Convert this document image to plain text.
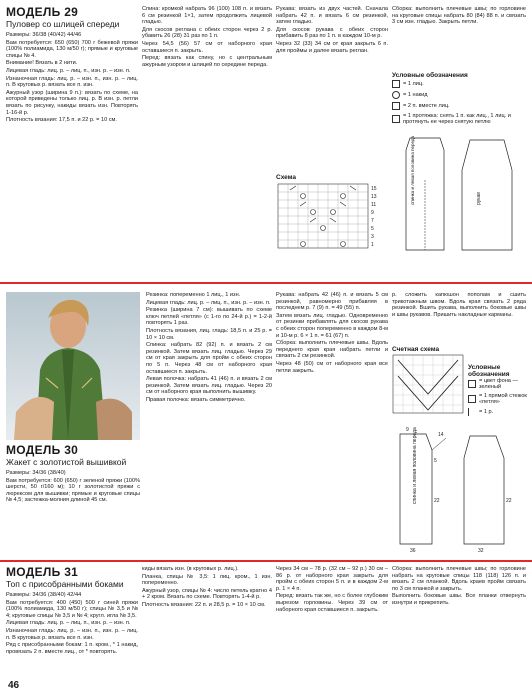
МОДЕЛЬ 29
Пуловер со шлицей спереди

Размеры: 36/38 (40/42) 44/46

Вам потребуется: 650 (650) 700 г бежевой пряжи (100% полиамида, 130 м/50 г); прямые и круговые спицы № 4.

Внимание! Вязать в 2 нити.

Лицевая гладь: лиц. р. – лиц. п., изн. р. – изн. п.

Изнаночная гладь: лиц. р. – изн. п., изн. р. – лиц. п. В круговых р. вязать все п. изн.

Ажурный узор (ширина 9 п.): вязать по схеме, на которой приведены только лиц. р. В изн. р. петли вязать по рисунку, накиды вязать изн. Повторять 1-16-й р.

Плотность вязания: 17,5 п. и 22 р. = 10 см.

Спина: кромкой набрать 96 (100) 108 п. и вязать 6 см резинкой 1×1, затем продолжить лицевой гладью.

Для скосов реглана с обеих сторон через 2 р. убавить 26 (28) 31 раз по 1 п.

Через 54,5 (56) 57 см от наборного края оставшиеся п. закрыть.

Перед: вязать как спину, но с центральным ажурным узором и шлицей по середине переда.

Рукава: вязать из двух частей. Сначала набрать 42 п. и вязать 6 см резинкой, затем гладью.

Для скосов рукава с обеих сторон прибавить 8 раз по 1 п. в каждом 10-м р.

Через 32 (33) 34 см от края закрыть 6 п. для проймы и далее вязать реглан.

Схема
15
13
11
9
7
5
3
1

Сборка: выполнить плечевые швы; по горловине на круговые спицы набрать 80 (84) 88 п. и связать 3 см изн. гладью. Закрыть петли.

Условные обозначения
= 1 лиц.
= 1 накид
= 2 п. вместе лиц.
= 1 протяжка: снять 1 п. как лиц., 1 лиц. и протянуть ее через снятую петлю
спинка и левая половина переда	рукав
МОДЕЛЬ 30
Жакет с золотистой вышивкой

Размеры: 34/36 (38/40)

Вам потребуется: 600 (650) г зеленой пряжи (100% шерсти, 50 г/160 м); 10 г золотистой пряжи с люрексом для вышивки; прямые и круговые спицы № 4,5; застежка-молния длиной 45 см.

Резинка: попеременно 1 лиц., 1 изн.

Лицевая гладь: лиц. р. – лиц. п., изн. р. – изн. п.

Резинка (ширина 7 см): вышивать по схеме ключ петлей «петля» (с 1-го по 24-й р.) = 1-2-й повторять 1 раз.

Плотность вязания, лиц. гладь: 18,5 п. и 25 р. = 10 × 10 см.

Спинка: набрать 82 (92) п. и вязать 2 см резинкой. Затем вязать лиц. гладью. Через 29 см от края закрыть для пройм с обеих сторон по 5 п. Через 48 см от наборного края оставшиеся п. закрыть.

Левая полочка: набрать 41 (46) п. и вязать 2 см резинкой. Затем вязать лиц. гладью. Через 20 см от наборного края выполнить вышивку.

Правая полочка: вязать симметрично.

Рукава: набрать 42 (46) п. и вязать 5 см резинкой, равномерно прибавляя в последнем р. 7 (9) п. = 49 (55) п.

Затем вязать лиц. гладью. Одновременно от резинки прибавлять для скосов рукава с обеих сторон попеременно в каждом 8-м и 10-м р. 6 × 1 п. = 61 (67) п.

Сборка: выполнить плечевые швы. Вдоль переднего края края набрать петли и связать 2 см резинкой.

Через 48 (50) см от наборного края все петли закрыть.

р. сложить капюшон пополам и сшить трикотажным швом. Вдоль края связать 2 ряда резинкой. Вшить рукава, выполнить боковые швы и швы рукавов. Пришить накладные карманы.

Счетная схема
Условные обозначения
= цвет фона — зеленый
= 1 прямой стежок «петля»
= 1 р.
спинка и левая половина переда
9
14
5
22	22
36	32
МОДЕЛЬ 31
Топ с присобранными боками

Размеры: 34/36 (38/40) 42/44

Вам потребуется: 400 (450) 500 г синей пряжи (100% полиамида, 130 м/50 г); спицы № 3,5 и № 4; круговые спицы № 3,5 и № 4; кругл. игла № 3,5.

Лицевая гладь: лиц. р. – лиц. п., изн. р. – изн. п.

Изнаночная гладь: лиц. р. – изн. п., изн. р. – лиц. п. В круговых р. вязать все п. изн.

Ряд с присобранными бокам: 1 п. кром., * 1 накид, провязать 2 п. вместе лиц., от * повторять.

киды вязать изн. (в круговых р. лиц.).

Планка, спицы № 3,5: 1 лиц. кром., 1 изн. попеременно.

Ажурный узор, спицы № 4: число петель кратно 4 + 2 кром. Вязать по схеме. Повторять 1-4-й р.

Плотность вязания: 22 п. и 28,5 р. = 10 × 10 см.

Через 34 см – 78 р. (32 см – 92 р.) 30 см – 86 р. от наборного края закрыть для пройм с обеих сторон 5 п. и в каждом 2-м р. 1 × 4 п.

Перед: вязать так же, но с более глубоким вырезом горловины. Через 39 см от наборного края оставшиеся п. закрыть.

Сборка: выполнить плечевые швы; по горловине набрать на круговые спицы 118 (118) 126 п. и вязать 2 см планкой. Вдоль краев пройм связать по 3 см планкой и закрыть.

Выполнить боковые швы. Все планки отвернуть изнутри и прикрепить.

46
